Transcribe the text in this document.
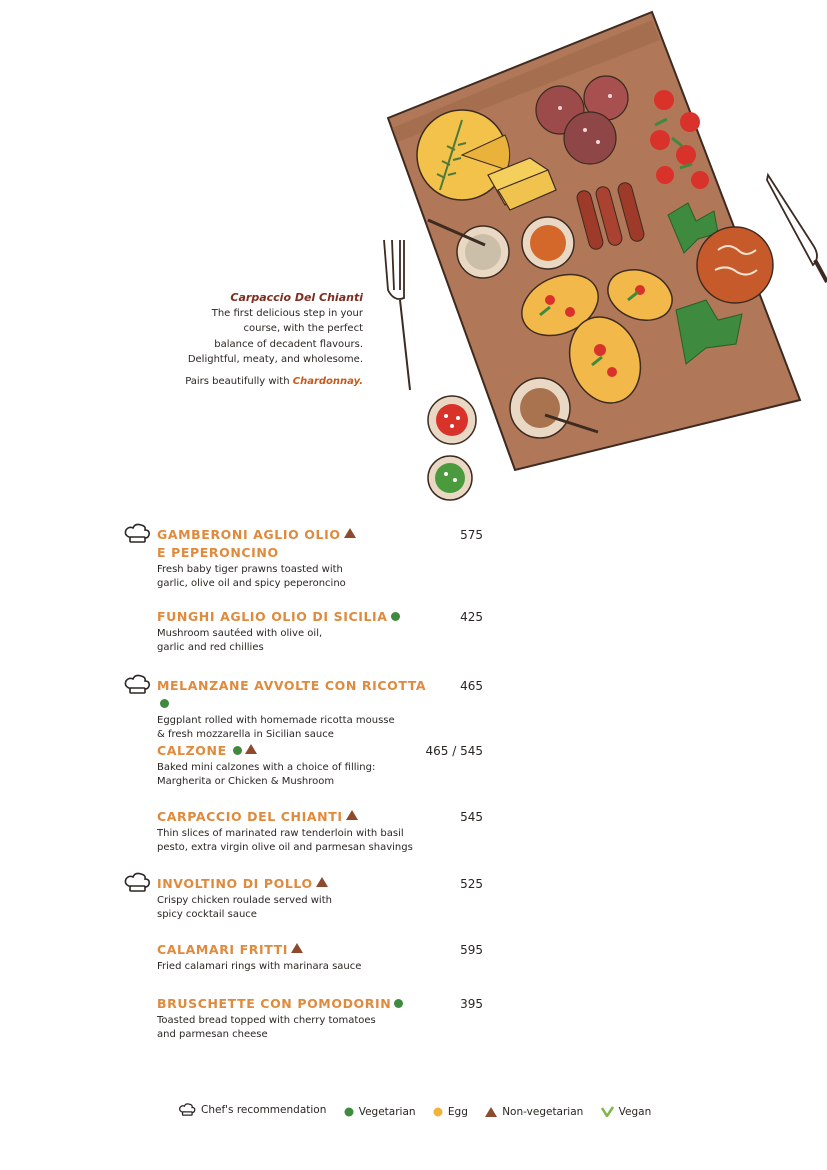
Carpaccio Del Chianti
The first delicious step in your
course, with the perfect
balance of decadent flavours.
Delightful, meaty, and wholesome.
Pairs beautifully with Chardonnay.
GAMBERONI AGLIO OLIO
E PEPERONCINO
Fresh baby tiger prawns toasted with
garlic, olive oil and spicy peperoncino
575
FUNGHI AGLIO OLIO DI SICILIA
Mushroom sautéed with olive oil,
garlic and red chillies
425
MELANZANE AVVOLTE CON RICOTTA
Eggplant rolled with homemade ricotta mousse
& fresh mozzarella in Sicilian sauce
465
CALZONE
Baked mini calzones with a choice of filling:
Margherita or Chicken & Mushroom
465 / 545
CARPACCIO DEL CHIANTI
Thin slices of marinated raw tenderloin with basil
pesto, extra virgin olive oil and parmesan shavings
545
INVOLTINO DI POLLO
Crispy chicken roulade served with
spicy cocktail sauce
525
CALAMARI FRITTI
Fried calamari rings with marinara sauce
595
BRUSCHETTE CON POMODORIN
Toasted bread topped with cherry tomatoes
and parmesan cheese
395
Chef's recommendation
	Vegetarian
	Egg
	Non-vegetarian
	Vegan
